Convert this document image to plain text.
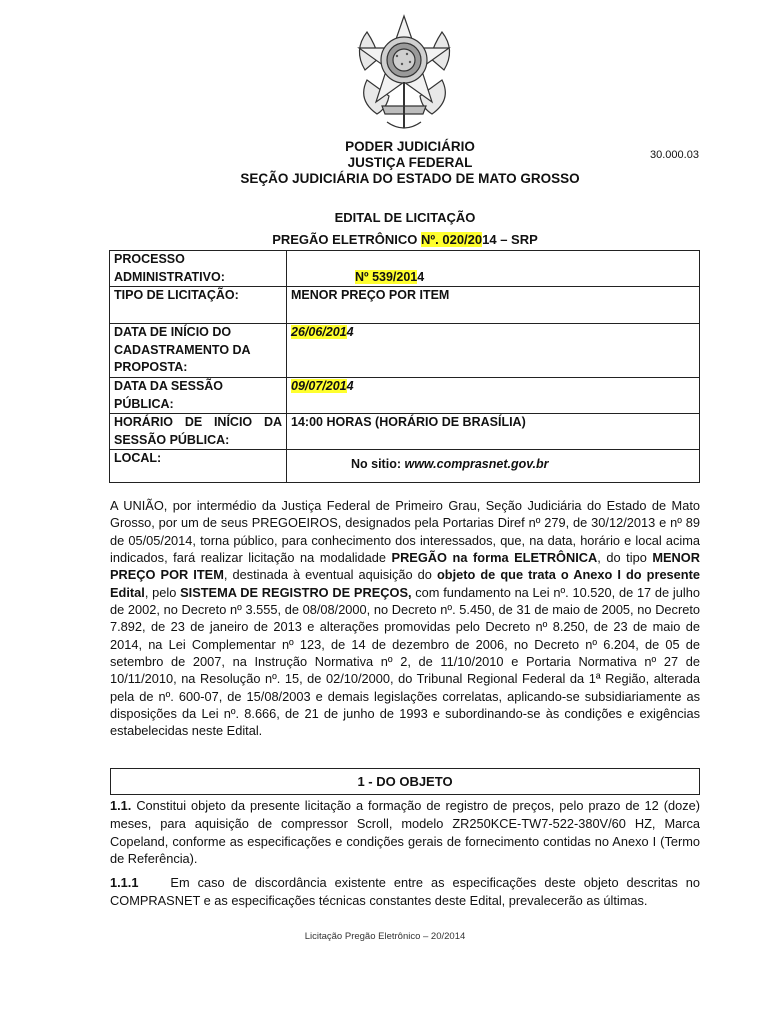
30.000.03
PODER JUDICIÁRIO
JUSTIÇA FEDERAL
SEÇÃO JUDICIÁRIA DO ESTADO DE MATO GROSSO
EDITAL DE LICITAÇÃO
PREGÃO ELETRÔNICO Nº. 020/2014 – SRP
PROCESSO
ADMINISTRATIVO:	Nº 539/2014
TIPO DE LICITAÇÃO:	MENOR PREÇO POR ITEM
DATA DE INÍCIO DO
CADASTRAMENTO DA
PROPOSTA:	26/06/2014
DATA DA SESSÃO
PÚBLICA:	09/07/2014

HORÁRIO DE INÍCIO DA
SESSÃO PÚBLICA:	14:00 HORAS (HORÁRIO DE BRASÍLIA)
LOCAL:	No sitio: www.comprasnet.gov.br
A UNIÃO, por intermédio da Justiça Federal de Primeiro Grau, Seção Judiciária do Estado de Mato Grosso, por um de seus PREGOEIROS, designados pela Portarias Diref nº 279, de 30/12/2013 e nº 89 de 05/05/2014, torna público, para conhecimento dos interessados, que, na data, horário e local acima indicados, fará realizar licitação na modalidade PREGÃO na forma ELETRÔNICA, do tipo MENOR PREÇO POR ITEM, destinada à eventual aquisição do objeto de que trata o Anexo I do presente Edital, pelo SISTEMA DE REGISTRO DE PREÇOS, com fundamento na Lei nº. 10.520, de 17 de julho de 2002, no Decreto nº 3.555, de 08/08/2000, no Decreto nº. 5.450, de 31 de maio de 2005, no Decreto 7.892, de 23 de janeiro de 2013 e alterações promovidas pelo Decreto nº 8.250, de 23 de maio de 2014, na Lei Complementar nº 123, de 14 de dezembro de 2006, no Decreto nº 6.204, de 05 de setembro de 2007, na Instrução Normativa nº 2, de 11/10/2010 e Portaria Normativa nº 27 de 10/11/2010, na Resolução nº. 15, de 02/10/2000, do Tribunal Regional Federal da 1ª Região, alterada pela de nº. 600-07, de 15/08/2003 e demais legislações correlatas, aplicando-se subsidiariamente as disposições da Lei nº. 8.666, de 21 de junho de 1993 e subordinando-se às condições e exigências estabelecidas neste Edital.
1 - DO OBJETO
1.1. Constitui objeto da presente licitação a formação de registro de preços, pelo prazo de 12 (doze) meses, para aquisição de compressor Scroll, modelo ZR250KCE-TW7-522-380V/60 HZ, Marca Copeland, conforme as especificações e condições gerais de fornecimento contidas no Anexo I (Termo de Referência).
1.1.1 Em caso de discordância existente entre as especificações deste objeto descritas no COMPRASNET e as especificações técnicas constantes deste Edital, prevalecerão as últimas.
Licitação Pregão Eletrônico – 20/2014
